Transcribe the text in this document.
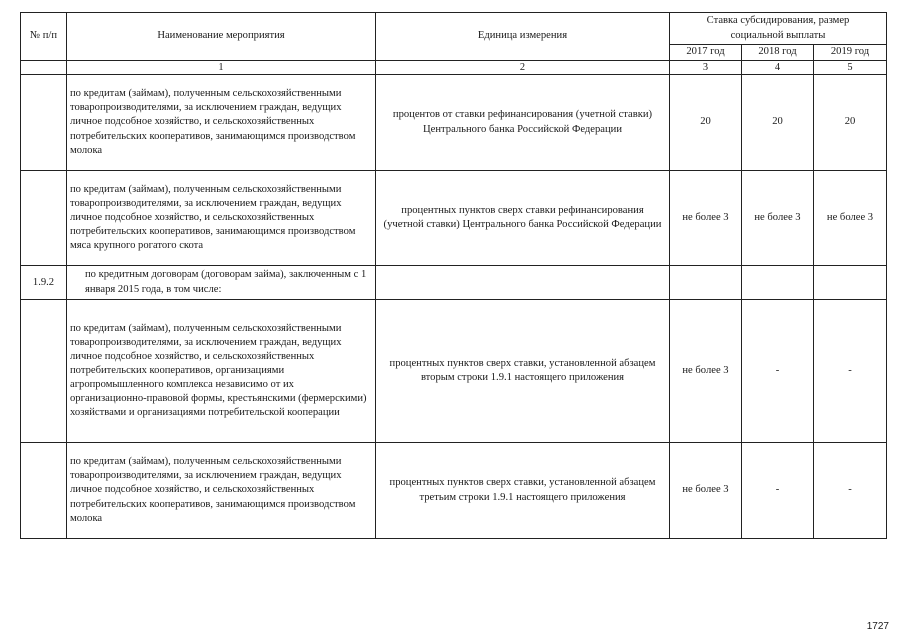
№ п/п	Наименование мероприятия	Единица измерения	Ставка субсидирования, размер социальной выплаты		
			2017 год	2018 год	2019 год
	1	2	3	4	5
	по кредитам (займам), полученным сельскохозяйственными товаропроизводителями, за исключением граждан, ведущих личное подсобное хозяйство, и сельскохозяйственных потребительских кооперативов, занимающимся производством молока	процентов от ставки рефинансирования (учетной ставки) Центрального банка Российской Федерации	20	20	20
	по кредитам (займам), полученным сельскохозяйственными товаропроизводителями, за исключением граждан, ведущих личное подсобное хозяйство, и сельскохозяйственных потребительских кооперативов, занимающимся производством мяса крупного рогатого скота	процентных пунктов сверх ставки рефинансирования (учетной ставки) Центрального банка Российской Федерации	не более 3	не более 3	не более 3
1.9.2	по кредитным договорам (договорам займа), заключенным с 1 января 2015 года, в том числе:				
	по кредитам (займам), полученным сельскохозяйственными товаропроизводителями, за исключением граждан, ведущих личное подсобное хозяйство, и сельскохозяйственных потребительских кооперативов, организациями агропромышленного комплекса независимо от их организационно-правовой формы, крестьянскими (фермерскими) хозяйствами и организациями потребительской кооперации	процентных пунктов сверх ставки, установленной абзацем вторым строки 1.9.1 настоящего приложения	не более 3	-	-
	по кредитам (займам), полученным сельскохозяйственными товаропроизводителями, за исключением граждан, ведущих личное подсобное хозяйство, и сельскохозяйственных потребительских кооперативов, занимающимся производством молока	процентных пунктов сверх ставки, установленной абзацем третьим строки 1.9.1 настоящего приложения	не более 3	-	-
1727
